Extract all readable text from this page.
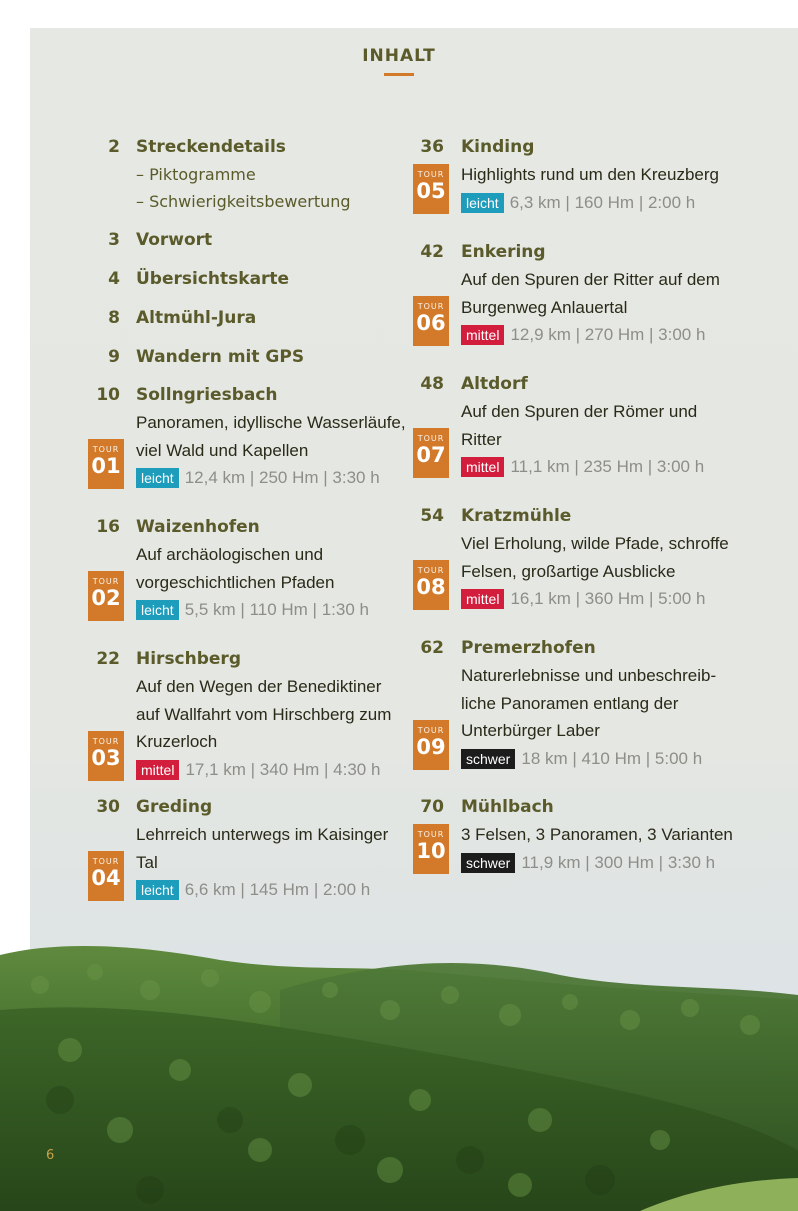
INHALT
2 Streckendetails
– Piktogramme
– Schwierigkeitsbewertung
3 Vorwort
4 Übersichtskarte
8 Altmühl-Jura
9 Wandern mit GPS
10 Sollngriesbach
Panoramen, idyllische Wasserläufe,
viel Wald und Kapellen
leicht 12,4 km | 250 Hm | 3:30 h
TOUR
01
16 Waizenhofen
Auf archäologischen und
vorgeschichtlichen Pfaden
leicht 5,5 km | 110 Hm | 1:30 h
TOUR
02
22 Hirschberg
Auf den Wegen der Benediktiner
auf Wallfahrt vom Hirschberg zum
Kruzerloch
mittel 17,1 km | 340 Hm | 4:30 h
TOUR
03
30 Greding
Lehrreich unterwegs im Kaisinger
Tal
leicht 6,6 km | 145 Hm | 2:00 h
TOUR
04
36 Kinding
Highlights rund um den Kreuzberg
leicht 6,3 km | 160 Hm | 2:00 h
TOUR
05
42 Enkering
Auf den Spuren der Ritter auf dem
Burgenweg Anlauertal
mittel 12,9 km | 270 Hm | 3:00 h
TOUR
06
48 Altdorf
Auf den Spuren der Römer und
Ritter
mittel 11,1 km | 235 Hm | 3:00 h
TOUR
07
54 Kratzmühle
Viel Erholung, wilde Pfade, schroffe
Felsen, großartige Ausblicke
mittel 16,1 km | 360 Hm | 5:00 h
TOUR
08
62 Premerzhofen
Naturerlebnisse und unbeschreib-
liche Panoramen entlang der
Unterbürger Laber
schwer 18 km | 410 Hm | 5:00 h
TOUR
09
70 Mühlbach
3 Felsen, 3 Panoramen, 3 Varianten
schwer 11,9 km | 300 Hm | 3:30 h
TOUR
10
6
